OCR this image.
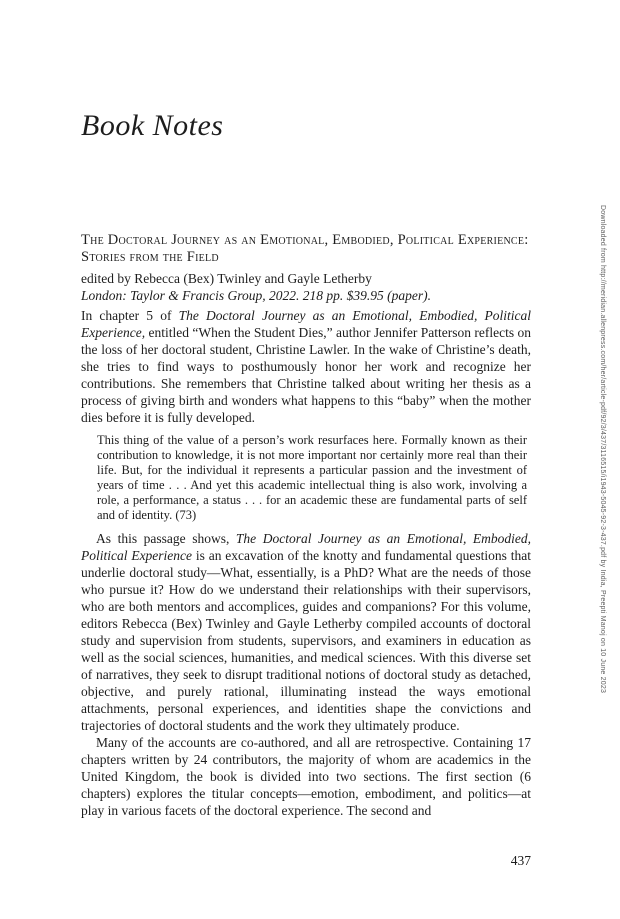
Book Notes
The Doctoral Journey as an Emotional, Embodied, Political Experience: Stories from the Field

edited by Rebecca (Bex) Twinley and Gayle Letherby

London: Taylor & Francis Group, 2022. 218 pp. $39.95 (paper).

In chapter 5 of The Doctoral Journey as an Emotional, Embodied, Political Experience, entitled “When the Student Dies,” author Jennifer Patterson reflects on the loss of her doctoral student, Christine Lawler. In the wake of Christine’s death, she tries to find ways to posthumously honor her work and recognize her contributions. She remembers that Christine talked about writing her thesis as a process of giving birth and wonders what happens to this “baby” when the mother dies before it is fully developed.

This thing of the value of a person’s work resurfaces here. Formally known as their contribution to knowledge, it is not more important nor certainly more real than their life. But, for the individual it represents a particular passion and the investment of years of time . . . And yet this academic intellectual thing is also work, involving a role, a performance, a status . . . for an academic these are fundamental parts of self and of identity. (73)

As this passage shows, The Doctoral Journey as an Emotional, Embodied, Political Experience is an excavation of the knotty and fundamental questions that underlie doctoral study—What, essentially, is a PhD? What are the needs of those who pursue it? How do we understand their relationships with their supervisors, who are both mentors and accomplices, guides and companions? For this volume, editors Rebecca (Bex) Twinley and Gayle Letherby compiled accounts of doctoral study and supervision from students, supervisors, and examiners in education as well as the social sciences, humanities, and medical sciences. With this diverse set of narratives, they seek to disrupt traditional notions of doctoral study as detached, objective, and purely rational, illuminating instead the ways emotional attachments, personal experiences, and identities shape the convictions and trajectories of doctoral students and the work they ultimately produce.

Many of the accounts are co-authored, and all are retrospective. Containing 17 chapters written by 24 contributors, the majority of whom are academics in the United Kingdom, the book is divided into two sections. The first section (6 chapters) explores the titular concepts—emotion, embodiment, and politics—at play in various facets of the doctoral experience. The second and

437
Downloaded from http://meridian.allenpress.com/her/article-pdf/92/3/437/3116515/i1943-5045-92-3-437.pdf by India, Preepti Manoj on 10 June 2023
